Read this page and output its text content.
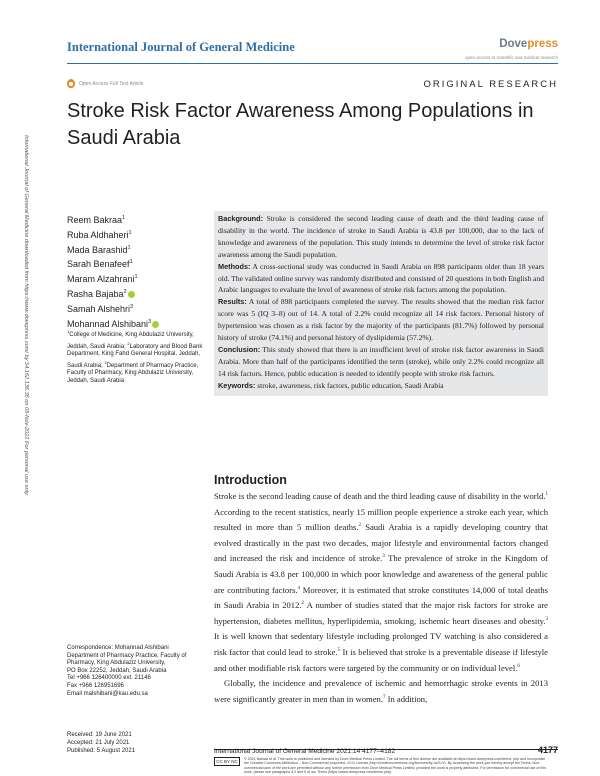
International Journal of General Medicine	Dovepress
open access to scientific and medical research
Open Access Full Text Article	ORIGINAL RESEARCH
Stroke Risk Factor Awareness Among Populations in Saudi Arabia
International Journal of General Medicine downloaded from https://www.dovepress.com/ by 54.162.136.36 on 05-Nov-2021 For personal use only.	Reem Bakraa$^1$
Ruba Aldhaheri$^1$
Mada Barashid$^1$
Sarah Benafeef$^1$
Maram Alzahrani$^1$
Rasha Bajaba$^2$
Samah Alshehri$^3$
Mohannad Alshibani$^3$
$^1$College of Medicine, King Abdulaziz University, Jeddah, Saudi Arabia; $^2$Laboratory and Blood Bank Department, King Fahd General Hospital, Jeddah, Saudi Arabia; $^3$Department of Pharmacy Practice, Faculty of Pharmacy, King Abdulaziz University, Jeddah, Saudi Arabia
Correspondence: Mohannad Alshibani
Department of Pharmacy Practice, Faculty of Pharmacy, King Abdulaziz University,
PO Box 22252, Jeddah, Saudi Arabia
Tel +966 126400000 ext. 21146
Fax +966 126951696
Email malshibani@kau.edu.sa

Background: Stroke is considered the second leading cause of death and the third leading cause of disability in the world. The incidence of stroke in Saudi Arabia is 43.8 per 100,000, due to the lack of knowledge and awareness of the population. This study intends to determine the level of stroke risk factor awareness among the Saudi population.

Methods: A cross-sectional study was conducted in Saudi Arabia on 898 participants older than 18 years old. The validated online survey was randomly distributed and consisted of 20 questions in both English and Arabic languages to evaluate the level of awareness of stroke risk factors among the population.

Results: A total of 898 participants completed the survey. The results showed that the median risk factor score was 5 (IQ 3–8) out of 14. A total of 2.2% could recognize all 14 risk factors. Personal history of hypertension was chosen as a risk factor by the majority of the participants (81.7%) followed by personal history of stroke (74.1%) and personal history of dyslipidemia (57.2%).

Conclusion: This study showed that there is an insufficient level of stroke risk factor awareness in Saudi Arabia. More than half of the participants identified the term (stroke), while only 2.2% could recognize all 14 risk factors. Hence, public education is needed to identify people with stroke risk factors.

Keywords: stroke, awareness, risk factors, public education, Saudi Arabia

Introduction

Stroke is the second leading cause of death and the third leading cause of disability in the world.$^1$ According to the recent statistics, nearly 15 million people experience a stroke each year, which resulted in more than 5 million deaths.$^2$ Saudi Arabia is a rapidly developing country that evolved drastically in the past two decades, major lifestyle and environmental factors changed and increased the risk and incidence of stroke.$^3$ The prevalence of stroke in the Kingdom of Saudi Arabia is 43.8 per 100,000 in which poor knowledge and awareness of the general public are contributing factors.$^4$ Moreover, it is estimated that stroke constitutes 14,000 of total deaths in Saudi Arabia in 2012.$^2$ A number of studies stated that the major risk factors for stroke are hypertension, diabetes mellitus, hyperlipidemia, smoking, ischemic heart diseases and obesity.$^3$ It is well known that sedentary lifestyle including prolonged TV watching is also considered a risk factor that could lead to stroke.$^5$ It is believed that stroke is a preventable disease if lifestyle and other modifiable risk factors were targeted by the community or on individual level.$^6$

Globally, the incidence and prevalence of ischemic and hemorrhagic stroke events in 2013 were significantly greater in men than in women.$^7$ In addition,

Received: 19 June 2021
Accepted: 21 July 2021
Published: 5 August 2021	International Journal of General Medicine 2021:14 4177–4182	4177
CC BY NC	© 2021 Bakraa et al. This work is published and licensed by Dove Medical Press Limited. The full terms of this license are available at https://www.dovepress.com/terms. php and incorporate the Creative Commons Attribution – Non Commercial (unported, v3.0) License (http://creativecommons.org/licenses/by-nc/3.0/). By accessing the work you hereby accept the Terms. Non-commercial uses of the work are permitted without any further permission from Dove Medical Press Limited, provided the work is properly attributed. For permission for commercial use of this work, please see paragraphs 4.2 and 5 of our Terms (https://www.dovepress.com/terms.php).
